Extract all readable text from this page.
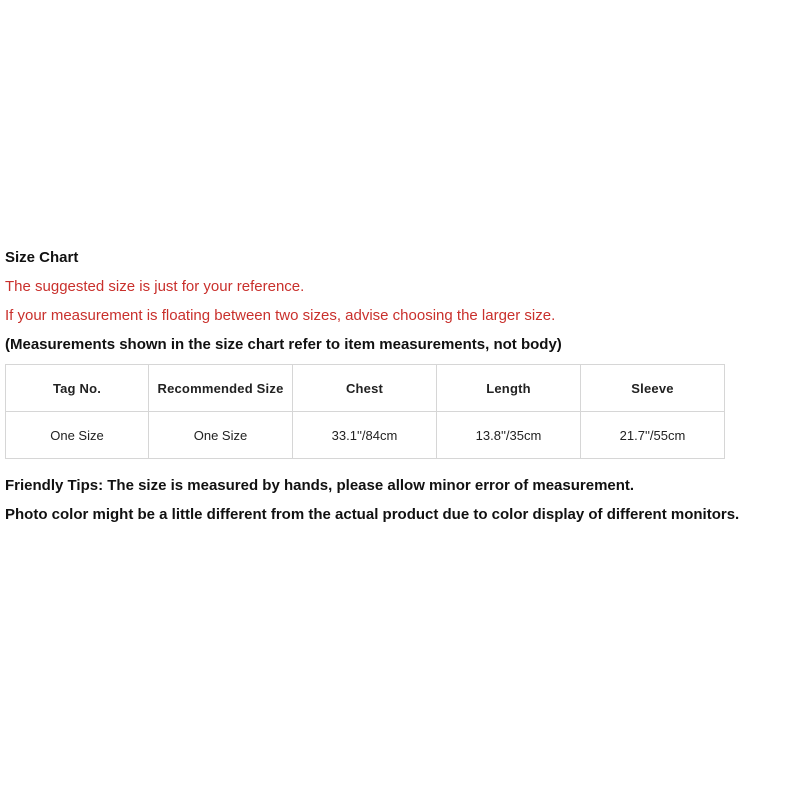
Size Chart
The suggested size is just for your reference.
If your measurement is floating between two sizes, advise choosing the larger size.
(Measurements shown in the size chart refer to item measurements, not body)
Tag No.	Recommended Size	Chest	Length	Sleeve
One Size	One Size	33.1''/84cm	13.8''/35cm	21.7''/55cm
Friendly Tips: The size is measured by hands, please allow minor error of measurement.
Photo color might be a little different from the actual product due to color display of different monitors.
